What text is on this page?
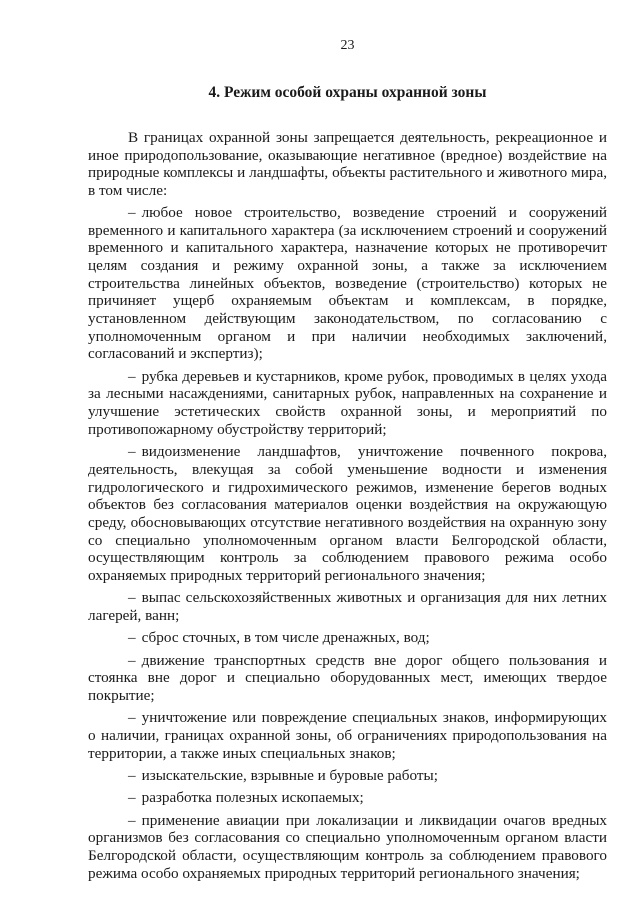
23
4. Режим особой охраны охранной зоны

В границах охранной зоны запрещается деятельность, рекреационное и иное природопользование, оказывающие негативное (вредное) воздействие на природные комплексы и ландшафты, объекты растительного и животного мира, в том числе:

– любое новое строительство, возведение строений и сооружений временного и капитального характера (за исключением строений и сооружений временного и капитального характера, назначение которых не противоречит целям создания и режиму охранной зоны, а также за исключением строительства линейных объектов, возведение (строительство) которых не причиняет ущерб охраняемым объектам и комплексам, в порядке, установленном действующим законодательством, по согласованию с уполномоченным органом и при наличии необходимых заключений, согласований и экспертиз);

– рубка деревьев и кустарников, кроме рубок, проводимых в целях ухода за лесными насаждениями, санитарных рубок, направленных на сохранение и улучшение эстетических свойств охранной зоны, и мероприятий по противопожарному обустройству территорий;

– видоизменение ландшафтов, уничтожение почвенного покрова, деятельность, влекущая за собой уменьшение водности и изменения гидрологического и гидрохимического режимов, изменение берегов водных объектов без согласования материалов оценки воздействия на окружающую среду, обосновывающих отсутствие негативного воздействия на охранную зону со специально уполномоченным органом власти Белгородской области, осуществляющим контроль за соблюдением правового режима особо охраняемых природных территорий регионального значения;

– выпас сельскохозяйственных животных и организация для них летних лагерей, ванн;

– сброс сточных, в том числе дренажных, вод;

– движение транспортных средств вне дорог общего пользования и стоянка вне дорог и специально оборудованных мест, имеющих твердое покрытие;

– уничтожение или повреждение специальных знаков, информирующих о наличии, границах охранной зоны, об ограничениях природопользования на территории, а также иных специальных знаков;

– изыскательские, взрывные и буровые работы;

– разработка полезных ископаемых;

– применение авиации при локализации и ликвидации очагов вредных организмов без согласования со специально уполномоченным органом власти Белгородской области, осуществляющим контроль за соблюдением правового режима особо охраняемых природных территорий регионального значения;
